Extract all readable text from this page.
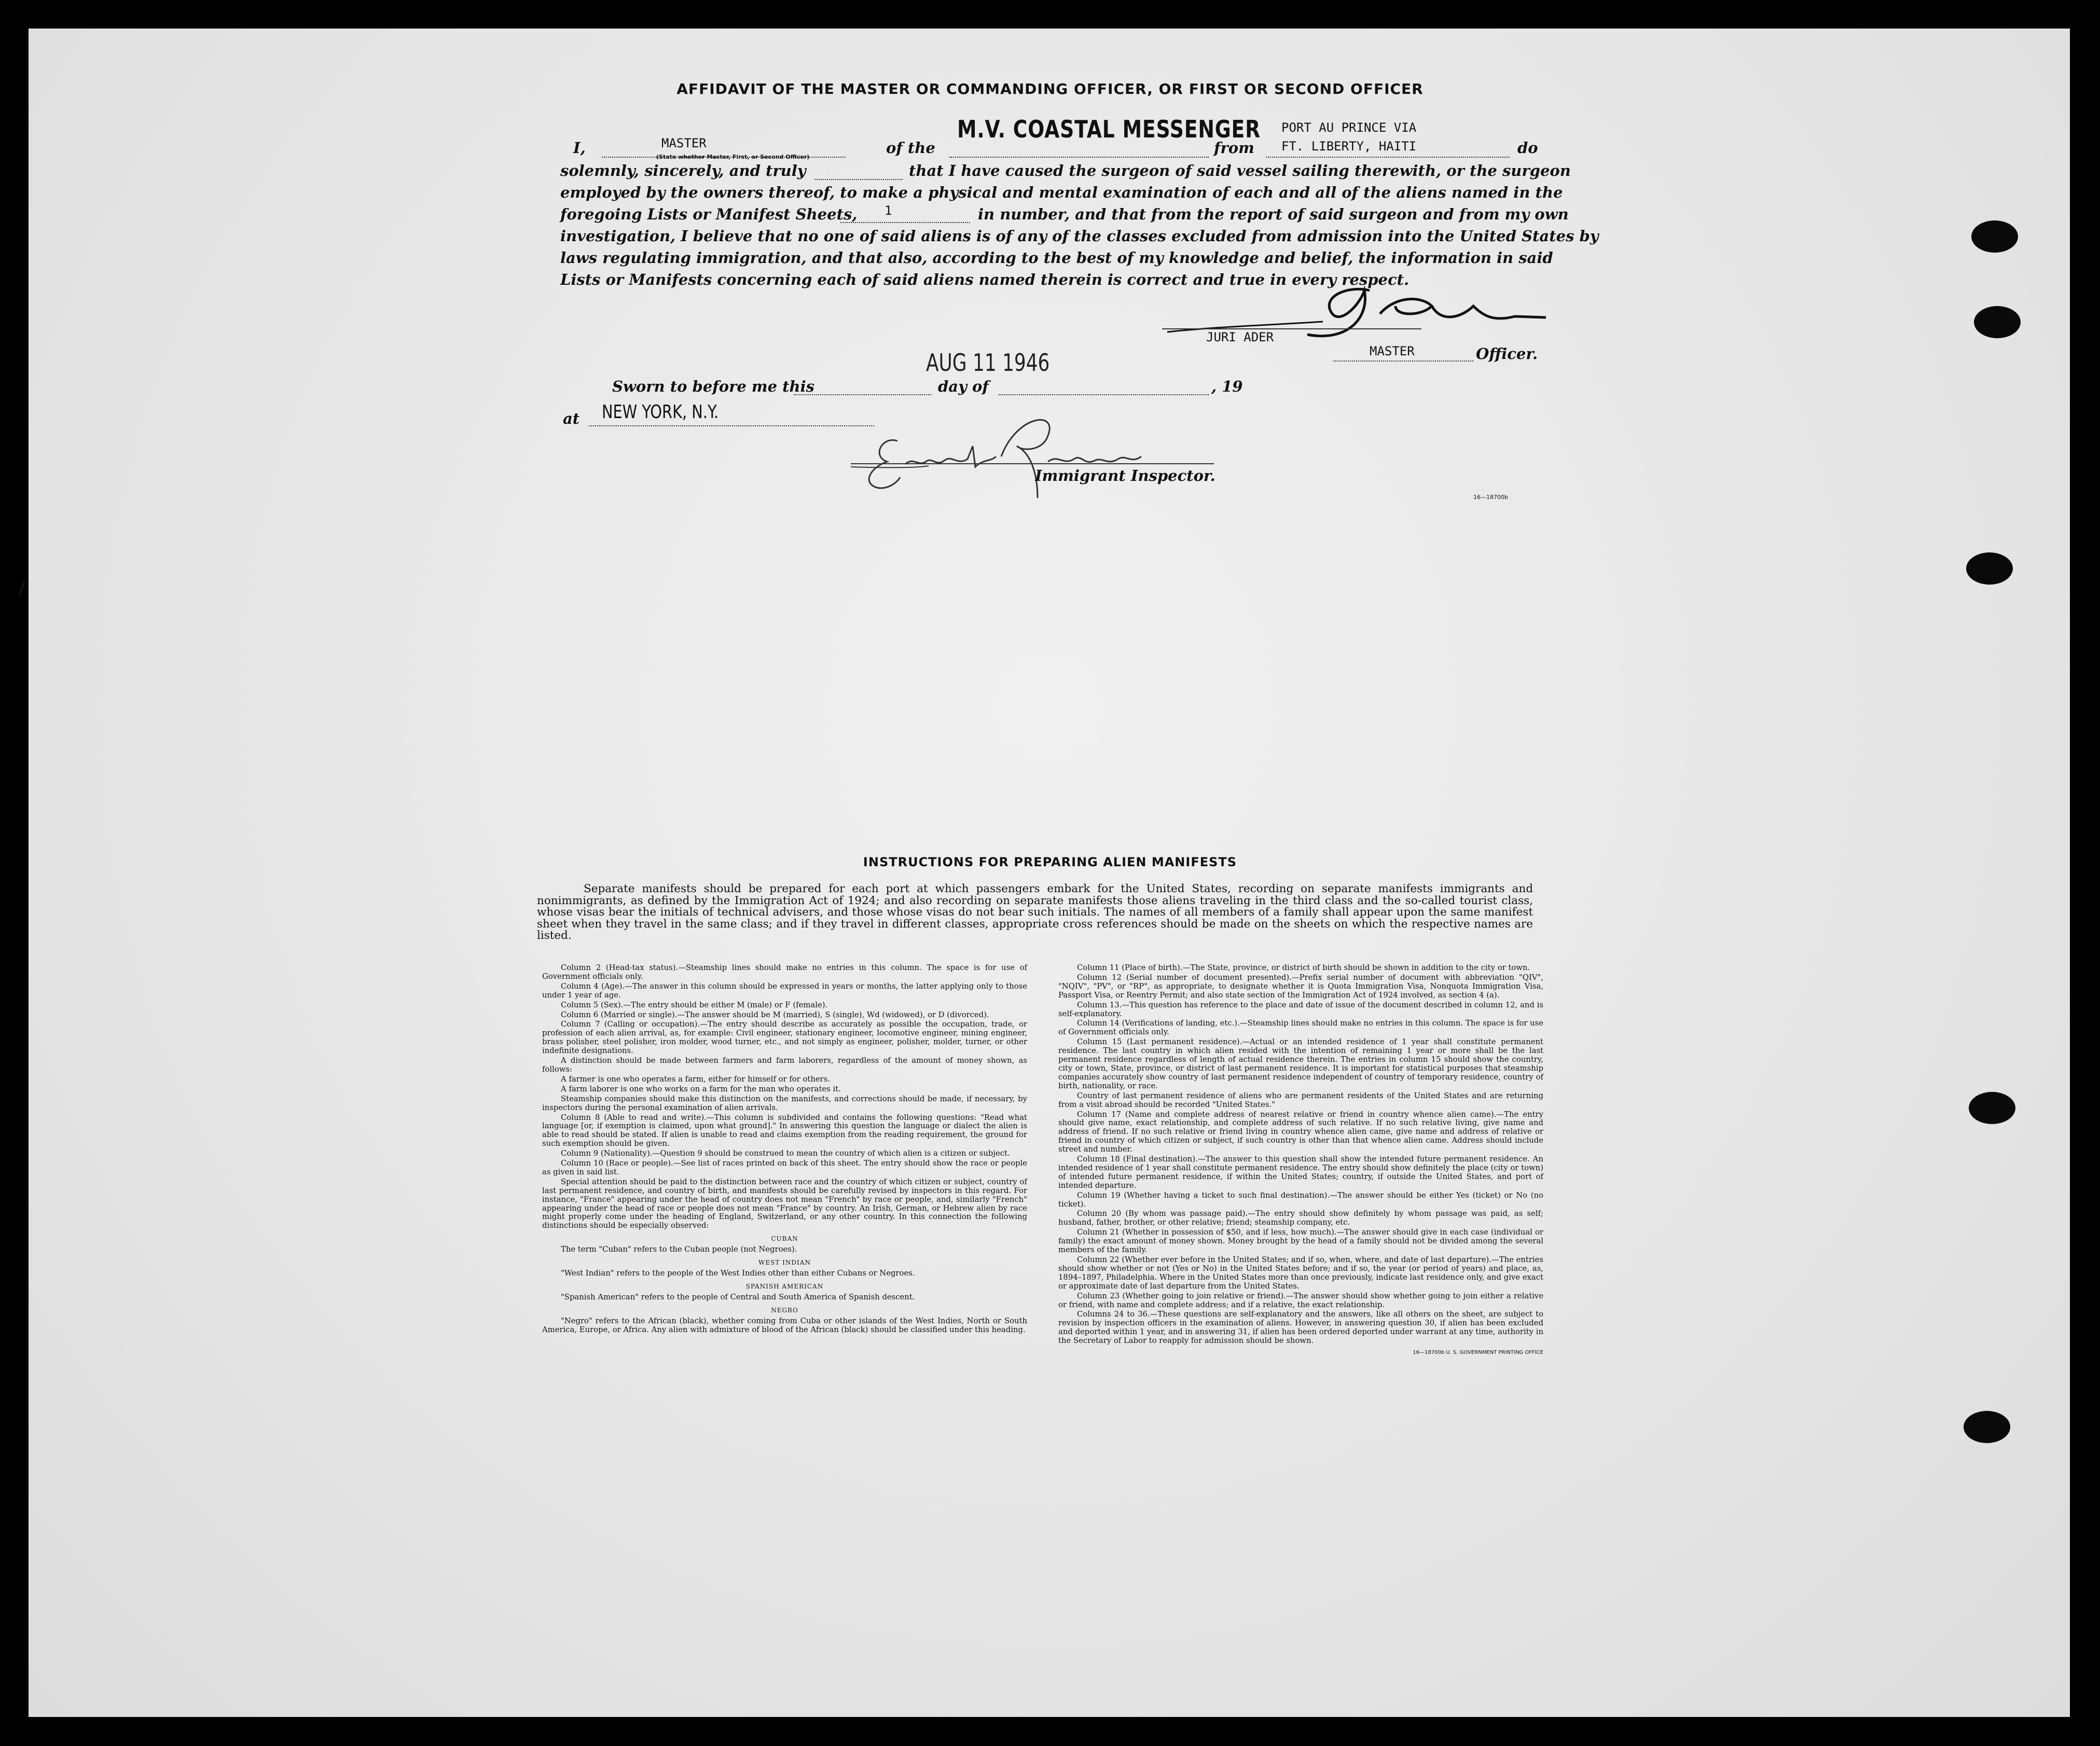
AFFIDAVIT OF THE MASTER OR COMMANDING OFFICER, OR FIRST OR SECOND OFFICER
I,	MASTER
(State whether Master, First, or Second Officer)
of the
M.V. COASTAL MESSENGER
from
PORT AU PRINCE VIA
FT. LIBERTY, HAITI	do
solemnly, sincerely, and truly	that I have caused the surgeon of said vessel sailing therewith, or the surgeon
employed by the owners thereof, to make a physical and mental examination of each and all of the aliens named in the
foregoing Lists or Manifest Sheets, 1	in number, and that from the report of said surgeon and from my own
investigation, I believe that no one of said aliens is of any of the classes excluded from admission into the United States by
laws regulating immigration, and that also, according to the best of my knowledge and belief, the information in said
Lists or Manifests concerning each of said aliens named therein is correct and true in every respect.
JURI ADER
MASTER	Officer.
AUG 11 1946
Sworn to before me this	day of	, 19
at NEW YORK, N.Y.
Immigrant Inspector.
16—18700b
INSTRUCTIONS FOR PREPARING ALIEN MANIFESTS
Separate manifests should be prepared for each port at which passengers embark for the United States, recording on separate manifests immigrants and nonimmigrants, as defined by the Immigration Act of 1924; and also recording on separate manifests those aliens traveling in the third class and the so-called tourist class, whose visas bear the initials of technical advisers, and those whose visas do not bear such initials. The names of all members of a family shall appear upon the same manifest sheet when they travel in the same class; and if they travel in different classes, appropriate cross references should be made on the sheets on which the respective names are listed.

Column 2 (Head-tax status).—Steamship lines should make no entries in this column. The space is for use of Government officials only.

Column 4 (Age).—The answer in this column should be expressed in years or months, the latter applying only to those under 1 year of age.

Column 5 (Sex).—The entry should be either M (male) or F (female).

Column 6 (Married or single).—The answer should be M (married), S (single), Wd (widowed), or D (divorced).

Column 7 (Calling or occupation).—The entry should describe as accurately as possible the occupation, trade, or profession of each alien arrival, as, for example: Civil engineer, stationary engineer, locomotive engineer, mining engineer, brass polisher, steel polisher, iron molder, wood turner, etc., and not simply as engineer, polisher, molder, turner, or other indefinite designations.

A distinction should be made between farmers and farm laborers, regardless of the amount of money shown, as follows:

A farmer is one who operates a farm, either for himself or for others.

A farm laborer is one who works on a farm for the man who operates it.

Steamship companies should make this distinction on the manifests, and corrections should be made, if necessary, by inspectors during the personal examination of alien arrivals.

Column 8 (Able to read and write).—This column is subdivided and contains the following questions: "Read what language [or, if exemption is claimed, upon what ground]." In answering this question the language or dialect the alien is able to read should be stated. If alien is unable to read and claims exemption from the reading requirement, the ground for such exemption should be given.

Column 9 (Nationality).—Question 9 should be construed to mean the country of which alien is a citizen or subject.

Column 10 (Race or people).—See list of races printed on back of this sheet. The entry should show the race or people as given in said list.

Special attention should be paid to the distinction between race and the country of which citizen or subject, country of last permanent residence, and country of birth, and manifests should be carefully revised by inspectors in this regard. For instance, "France" appearing under the head of country does not mean "French" by race or people, and, similarly "French" appearing under the head of race or people does not mean "France" by country. An Irish, German, or Hebrew alien by race might properly come under the heading of England, Switzerland, or any other country. In this connection the following distinctions should be especially observed:

CUBAN

The term "Cuban" refers to the Cuban people (not Negroes).

WEST INDIAN

"West Indian" refers to the people of the West Indies other than either Cubans or Negroes.

SPANISH AMERICAN

"Spanish American" refers to the people of Central and South America of Spanish descent.

NEGRO

"Negro" refers to the African (black), whether coming from Cuba or other islands of the West Indies, North or South America, Europe, or Africa. Any alien with admixture of blood of the African (black) should be classified under this heading.

Column 11 (Place of birth).—The State, province, or district of birth should be shown in addition to the city or town.

Column 12 (Serial number of document presented).—Prefix serial number of document with abbreviation "QIV", "NQIV", "PV", or "RP", as appropriate, to designate whether it is Quota Immigration Visa, Nonquota Immigration Visa, Passport Visa, or Reentry Permit; and also state section of the Immigration Act of 1924 involved, as section 4 (a).

Column 13.—This question has reference to the place and date of issue of the document described in column 12, and is self-explanatory.

Column 14 (Verifications of landing, etc.).—Steamship lines should make no entries in this column. The space is for use of Government officials only.

Column 15 (Last permanent residence).—Actual or an intended residence of 1 year shall constitute permanent residence. The last country in which alien resided with the intention of remaining 1 year or more shall be the last permanent residence regardless of length of actual residence therein. The entries in column 15 should show the country, city or town, State, province, or district of last permanent residence. It is important for statistical purposes that steamship companies accurately show country of last permanent residence independent of country of temporary residence, country of birth, nationality, or race.

Country of last permanent residence of aliens who are permanent residents of the United States and are returning from a visit abroad should be recorded "United States."

Column 17 (Name and complete address of nearest relative or friend in country whence alien came).—The entry should give name, exact relationship, and complete address of such relative. If no such relative living, give name and address of friend. If no such relative or friend living in country whence alien came, give name and address of relative or friend in country of which citizen or subject, if such country is other than that whence alien came. Address should include street and number.

Column 18 (Final destination).—The answer to this question shall show the intended future permanent residence. An intended residence of 1 year shall constitute permanent residence. The entry should show definitely the place (city or town) of intended future permanent residence, if within the United States; country, if outside the United States, and port of intended departure.

Column 19 (Whether having a ticket to such final destination).—The answer should be either Yes (ticket) or No (no ticket).

Column 20 (By whom was passage paid).—The entry should show definitely by whom passage was paid, as self; husband, father, brother, or other relative; friend; steamship company, etc.

Column 21 (Whether in possession of $50, and if less, how much).—The answer should give in each case (individual or family) the exact amount of money shown. Money brought by the head of a family should not be divided among the several members of the family.

Column 22 (Whether ever before in the United States; and if so, when, where, and date of last departure).—The entries should show whether or not (Yes or No) in the United States before; and if so, the year (or period of years) and place, as, 1894–1897, Philadelphia. Where in the United States more than once previously, indicate last residence only, and give exact or approximate date of last departure from the United States.

Column 23 (Whether going to join relative or friend).—The answer should show whether going to join either a relative or friend, with name and complete address; and if a relative, the exact relationship.

Columns 24 to 36.—These questions are self-explanatory and the answers, like all others on the sheet, are subject to revision by inspection officers in the examination of aliens. However, in answering question 30, if alien has been excluded and deported within 1 year, and in answering 31, if alien has been ordered deported under warrant at any time, authority in the Secretary of Labor to reapply for admission should be shown.

16—18700b U. S. GOVERNMENT PRINTING OFFICE
